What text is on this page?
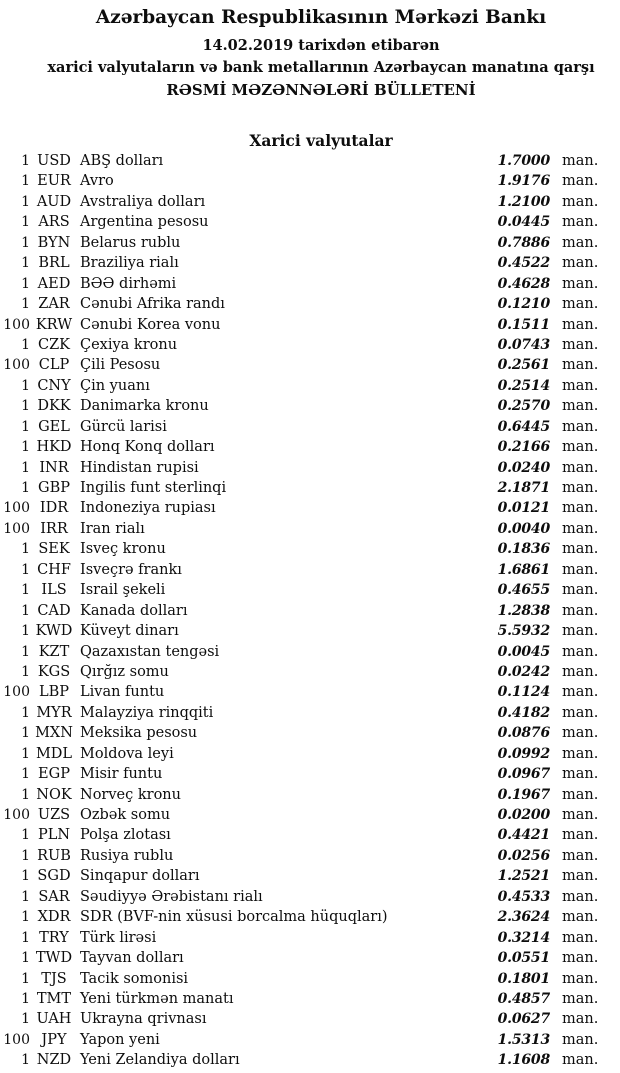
Azərbaycan Respublikasının Mərkəzi Bankı
14.02.2019 tarixdən etibarən
xarici valyutaların və bank metallarının Azərbaycan manatına qarşı
RƏSMİ MƏZƏNNƏLƏRİ BÜLLETENİ
Xarici valyutalar
1 USD ABŞ dolları	1.7000 man.
1 EUR Avro	1.9176 man.
1 AUD Avstraliya dolları	1.2100 man.
1 ARS Argentina pesosu	0.0445 man.
1 BYN Belarus rublu	0.7886 man.
1 BRL Braziliya rialı	0.4522 man.
1 AED BƏƏ dirhəmi	0.4628 man.
1 ZAR Cənubi Afrika randı	0.1210 man.
100 KRW Cənubi Korea vonu	0.1511 man.
1 CZK Çexiya kronu	0.0743 man.
100 CLP Çili Pesosu	0.2561 man.
1 CNY Çin yuanı	0.2514 man.
1 DKK Danimarka kronu	0.2570 man.
1 GEL Gürcü larisi	0.6445 man.
1 HKD Honq Konq dolları	0.2166 man.
1 INR Hindistan rupisi	0.0240 man.
1 GBP İngilis funt sterlinqi	2.1871 man.
100 IDR İndoneziya rupiası	0.0121 man.
100 IRR İran rialı	0.0040 man.
1 SEK İsveç kronu	0.1836 man.
1 CHF İsveçrə frankı	1.6861 man.
1 ILS İsrail şekeli	0.4655 man.
1 CAD Kanada dolları	1.2838 man.
1 KWD Küveyt dinarı	5.5932 man.
1 KZT Qazaxıstan tengəsi	0.0045 man.
1 KGS Qırğız somu	0.0242 man.
100 LBP Livan funtu	0.1124 man.
1 MYR Malayziya rinqqiti	0.4182 man.
1 MXN Meksika pesosu	0.0876 man.
1 MDL Moldova leyi	0.0992 man.
1 EGP Misir funtu	0.0967 man.
1 NOK Norveç kronu	0.1967 man.
100 UZS Özbək somu	0.0200 man.
1 PLN Polşa zlotası	0.4421 man.
1 RUB Rusiya rublu	0.0256 man.
1 SGD Sinqapur dolları	1.2521 man.
1 SAR Səudiyyə Ərəbistanı rialı	0.4533 man.
1 XDR SDR (BVF-nin xüsusi borcalma hüquqları)	2.3624 man.
1 TRY Türk lirəsi	0.3214 man.
1 TWD Tayvan dolları	0.0551 man.
1 TJS Tacik somonisi	0.1801 man.
1 TMT Yeni türkmən manatı	0.4857 man.
1 UAH Ukrayna qrivnası	0.0627 man.
100 JPY Yapon yeni	1.5313 man.
1 NZD Yeni Zelandiya dolları	1.1608 man.
